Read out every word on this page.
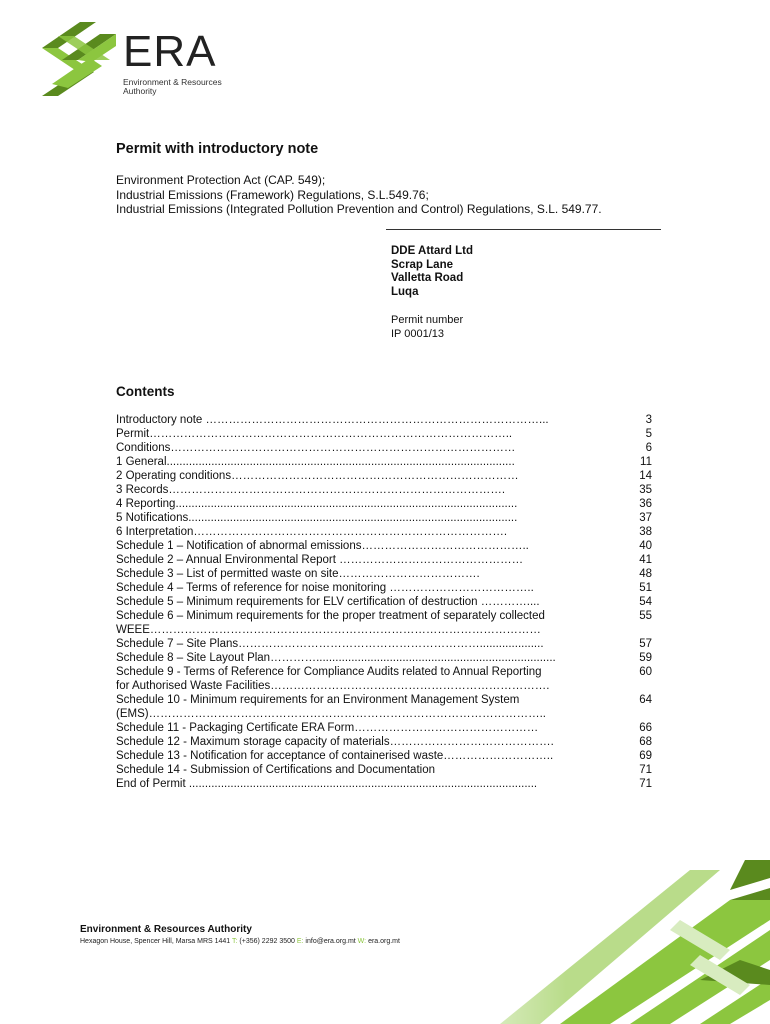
ERA
Environment & Resources
Authority
Permit with introductory note
Environment Protection Act (CAP. 549);
Industrial Emissions (Framework) Regulations, S.L.549.76;
Industrial Emissions (Integrated Pollution Prevention and Control) Regulations, S.L. 549.77.
DDE Attard Ltd
Scrap Lane
Valletta Road
Luqa
Permit number
IP 0001/13
Contents
Introductory note ……………………………………………………………………………...	3
Permit…………………………………………………………………………………..	5
Conditions………………………………………………………………………………	6
1 General.............................................................................................................	11
2 Operating conditions…………………………………………………………………	14
3 Records…………………………………………………………………………….	35
4 Reporting...........................................................................................................	36
5 Notifications.......................................................................................................	37
6 Interpretation……………………………………………………………………….	38
Schedule 1 – Notification of abnormal emissions……………………………………..	40
Schedule 2 – Annual Environmental Report …………………………………………	41
Schedule 3 – List of permitted waste on site……………………………….	48
Schedule 4 – Terms of reference for noise monitoring ………………………………..	51
Schedule 5 – Minimum requirements for ELV certification of destruction …………....	54
Schedule 6 – Minimum requirements for the proper treatment of separately collected	55
WEEE…………………………………………………………………………………………
Schedule 7 – Site Plans………………………………………………………....................	57
Schedule 8 – Site Layout Plan…………...........................................................................	59
Schedule 9 - Terms of Reference for Compliance Audits related to Annual Reporting	60
for Authorised Waste Facilities……………………………………………………………….
Schedule 10 - Minimum requirements for an Environment Management System	64
(EMS)…………………………………………………………………………………………..
Schedule 11 - Packaging Certificate ERA Form…………………………………………	66
Schedule 12 - Maximum storage capacity of materials…………………………………….	68
Schedule 13 - Notification for acceptance of containerised waste………………………..	69
Schedule 14 - Submission of Certifications and Documentation	71
End of Permit .............................................................................................................	71
Environment & Resources Authority
Hexagon House, Spencer Hill, Marsa MRS 1441 T: (+356) 2292 3500 E: info@era.org.mt W: era.org.mt
